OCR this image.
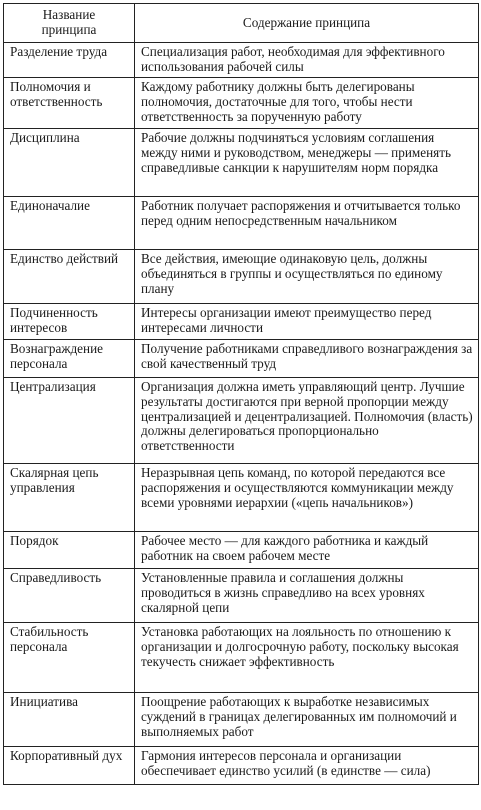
Название
принципа	Содержание принципа
Разделение труда	Специализация работ, необходимая для эффективного использования рабочей силы
Полномочия и ответственность	Каждому работнику должны быть делегированы полномочия, достаточные для того, чтобы нести ответственность за порученную работу
Дисциплина	Рабочие должны подчиняться условиям соглашения между ними и руководством, менеджеры — применять справедливые санкции к нарушителям норм порядка
Единоначалие	Работник получает распоряжения и отчитывается только перед одним непосредственным начальником
Единство действий	Все действия, имеющие одинаковую цель, должны объединяться в группы и осуществляться по единому плану
Подчиненность интересов	Интересы организации имеют преимущество перед интересами личности
Вознаграждение персонала	Получение работниками справедливого вознаграждения за свой качественный труд
Централизация	Организация должна иметь управляющий центр. Лучшие результаты достигаются при верной пропорции между централизацией и децентрализацией. Полномочия (власть) должны делегироваться пропорционально ответственности
Скалярная цепь управления	Неразрывная цепь команд, по которой передаются все распоряжения и осуществляются коммуникации между всеми уровнями иерархии («цепь начальников»)
Порядок	Рабочее место — для каждого работника и каждый работник на своем рабочем месте
Справедливость	Установленные правила и соглашения должны проводиться в жизнь справедливо на всех уровнях скалярной цепи
Стабильность персонала	Установка работающих на лояльность по отношению к организации и долгосрочную работу, поскольку высокая текучесть снижает эффективность
Инициатива	Поощрение работающих к выработке независимых суждений в границах делегированных им полномочий и выполняемых работ
Корпоративный дух	Гармония интересов персонала и организации обеспечивает единство усилий (в единстве — сила)
